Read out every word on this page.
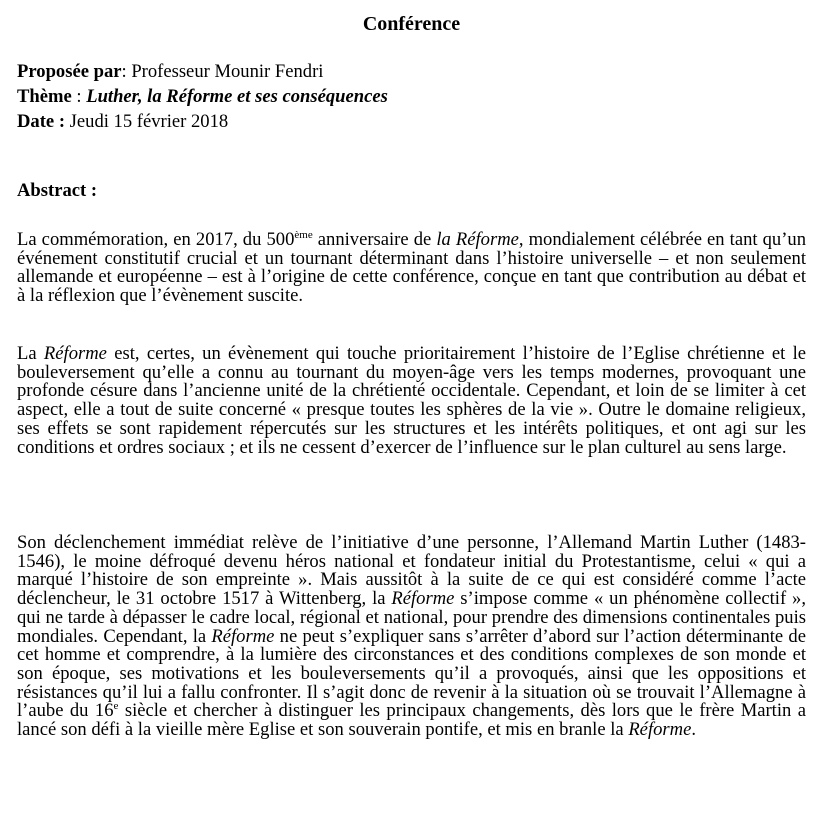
Conférence
Proposée par: Professeur Mounir Fendri
Thème : Luther, la Réforme et ses conséquences
Date : Jeudi 15 février 2018
Abstract :
La commémoration, en 2017, du 500ème anniversaire de la Réforme, mondialement célébrée en tant qu’un événement constitutif crucial et un tournant déterminant dans l’histoire universelle – et non seulement allemande et européenne – est à l’origine de cette conférence, conçue en tant que contribution au débat et à la réflexion que l’évènement suscite.
La Réforme est, certes, un évènement qui touche prioritairement l’histoire de l’Eglise chrétienne et le bouleversement qu’elle a connu au tournant du moyen-âge vers les temps modernes, provoquant une profonde césure dans l’ancienne unité de la chrétienté occidentale. Cependant, et loin de se limiter à cet aspect, elle a tout de suite concerné « presque toutes les sphères de la vie ». Outre le domaine religieux, ses effets se sont rapidement répercutés sur les structures et les intérêts politiques, et ont agi sur les conditions et ordres sociaux ; et ils ne cessent d’exercer de l’influence sur le plan culturel au sens large.
Son déclenchement immédiat relève de l’initiative d’une personne, l’Allemand Martin Luther (1483-1546), le moine défroqué devenu héros national et fondateur initial du Protestantisme, celui « qui a marqué l’histoire de son empreinte ». Mais aussitôt à la suite de ce qui est considéré comme l’acte déclencheur, le 31 octobre 1517 à Wittenberg, la Réforme s’impose comme « un phénomène collectif », qui ne tarde à dépasser le cadre local, régional et national, pour prendre des dimensions continentales puis mondiales. Cependant, la Réforme ne peut s’expliquer sans s’arrêter d’abord sur l’action déterminante de cet homme et comprendre, à la lumière des circonstances et des conditions complexes de son monde et son époque, ses motivations et les bouleversements qu’il a provoqués, ainsi que les oppositions et résistances qu’il lui a fallu confronter. Il s’agit donc de revenir à la situation où se trouvait l’Allemagne à l’aube du 16e siècle et chercher à distinguer les principaux changements, dès lors que le frère Martin a lancé son défi à la vieille mère Eglise et son souverain pontife, et mis en branle la Réforme.
